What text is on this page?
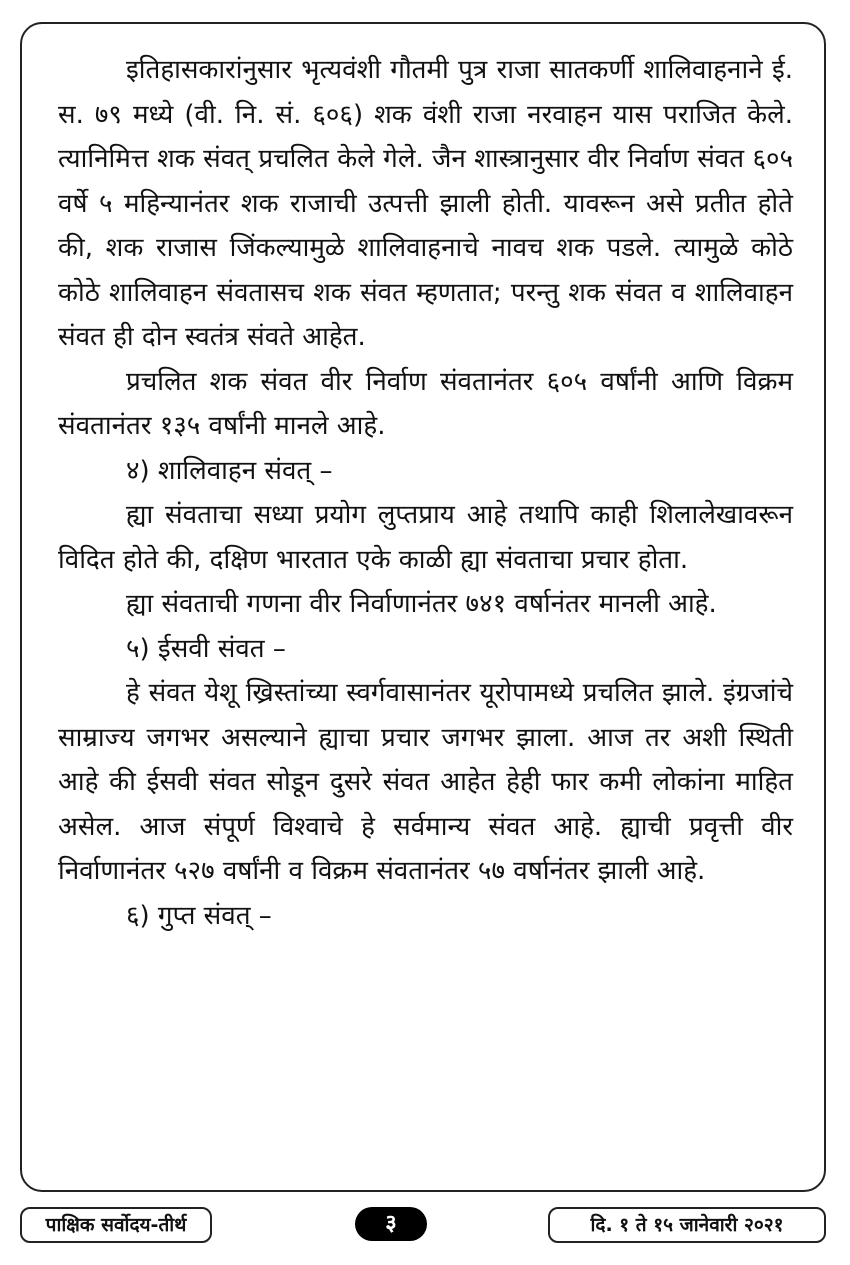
इतिहासकारांनुसार भृत्यवंशी गौतमी पुत्र राजा सातकर्णी शालिवाहनाने ई. स. ७९ मध्ये (वी. नि. सं. ६०६) शक वंशी राजा नरवाहन यास पराजित केले. त्यानिमित्त शक संवत् प्रचलित केले गेले. जैन शास्त्रानुसार वीर निर्वाण संवत ६०५ वर्षे ५ महिन्यानंतर शक राजाची उत्पत्ती झाली होती. यावरून असे प्रतीत होते की, शक राजास जिंकल्यामुळे शालिवाहनाचे नावच शक पडले. त्यामुळे कोठे कोठे शालिवाहन संवतासच शक संवत म्हणतात; परन्तु शक संवत व शालिवाहन संवत ही दोन स्वतंत्र संवते आहेत.

प्रचलित शक संवत वीर निर्वाण संवतानंतर ६०५ वर्षांनी आणि विक्रम संवतानंतर १३५ वर्षांनी मानले आहे.

४) शालिवाहन संवत् –

ह्या संवताचा सध्या प्रयोग लुप्तप्राय आहे तथापि काही शिलालेखावरून विदित होते की, दक्षिण भारतात एके काळी ह्या संवताचा प्रचार होता.

ह्या संवताची गणना वीर निर्वाणानंतर ७४१ वर्षानंतर मानली आहे.

५) ईसवी संवत –

हे संवत येशू ख्रिस्तांच्या स्वर्गवासानंतर यूरोपामध्ये प्रचलित झाले. इंग्रजांचे साम्राज्य जगभर असल्याने ह्याचा प्रचार जगभर झाला. आज तर अशी स्थिती आहे की ईसवी संवत सोडून दुसरे संवत आहेत हेही फार कमी लोकांना माहित असेल. आज संपूर्ण विश्वाचे हे सर्वमान्य संवत आहे. ह्याची प्रवृत्ती वीर निर्वाणानंतर ५२७ वर्षांनी व विक्रम संवतानंतर ५७ वर्षानंतर झाली आहे.

६) गुप्त संवत् –

पाक्षिक सर्वोदय-तीर्थ	३	दि. १ ते १५ जानेवारी २०२१
